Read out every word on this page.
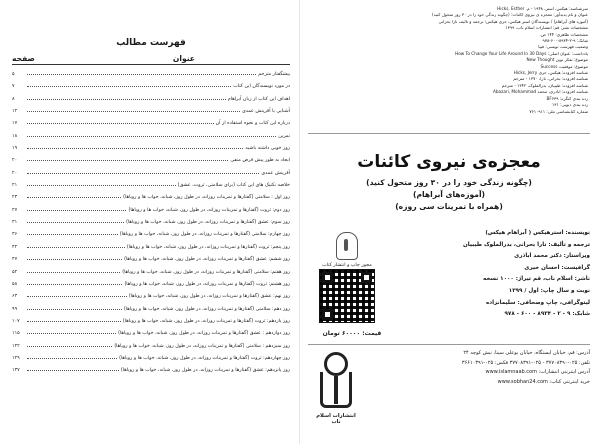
فهرست مطالب
عنوان
صفحه
پیشگفتار مترجم
۵
در مورد نویسندگان این کتاب
۷
اهداف این کتاب از زبان آبراهام
۸
آشنایی با آفرینش عمدی
۱۲
درباره این کتاب و نحوه استفاده از آن
۱۷
تمرین
۱۸
روز خوبی داشته باشید
۱۹
ایجاد به طور پیش فرض منفی
۲۰
آفرینش عمدی
۲۰
خلاصه تکنیک های این کتاب (برای سلامتی، ثروت، عشق)
۲۱
روز اول : سلامتی (گفتارها و تمرینات روزانه، در طول روز، شبانه، خواب ها و رویاها)
۲۳
روز دوم: ثروت (گفتارها و تمرینات روزانه، در طول روز، شبانه، خواب ها و رویاها)
۲۷
روز سوم: عشق (گفتارها و تمرینات روزانه، در طول روز، شبانه، خواب ها و رویاها)
۳۱
روز چهارم: سلامتی (گفتارها و تمرینات روزانه، در طول روز، شبانه، خواب ها و رویاها)
۳۶
روز پنجم: ثروت (گفتارها و تمرینات روزانه، در طول روز، شبانه، خواب ها و رویاها)
۴۲
روز ششم: عشق (گفتارها و تمرینات روزانه، در طول روز، شبانه، خواب ها و رویاها)
۴۷
روز هفتم: سلامتی (گفتارها و تمرینات روزانه، در طول روز، شبانه، خواب ها و رویاها)
۵۲
روز هشتم: ثروت (گفتارها و تمرینات روزانه، در طول روز، شبانه، خواب ها و رویاها)
۵۸
روز نهم: عشق (گفتارها و تمرینات روزانه، در طول روز، شبانه، خواب ها و رویاها)
۶۳
روز دهم: سلامتی (گفتارها و تمرینات روزانه، در طول روز، شبانه، خواب ها و رویاها)
۹۹
روز یازدهم: ثروت (گفتارها و تمرینات روزانه، در طول روز، شبانه، خواب ها و رویاها)
۱۰۷
روز دوازدهم : عشق (گفتارها و تمرینات روزانه، در طول روز، شبانه، خواب ها و رویاها)
۱۱۵
روز سیزدهم : سلامتی (گفتارها و تمرینات روزانه، در طول روز، شبانه، خواب ها و رویاها)
۱۲۲
روز چهاردهم: ثروت (گفتارها و تمرینات روزانه، در طول روز، شبانه، خواب ها و رویاها)
۱۲۹
روز پانزدهم: عشق (گفتارها و تمرینات روزانه، در طول روز، شبانه، خواب ها و رویاها)
۱۳۷
سرشناسه: هیکس، استر، ۱۹۴۸ - م. Hicks, Esther
عنوان و نام پدیدآور: معجزه ی نیروی کائنات: (چگونه زندگی خود را در ۳۰ روز متحول کنید)
(آموزه های آبراهام) / نویسندگان استر هیکس، جری هیکس؛ ترجمه و تالیف تارا بحرانی
مشخصات نشر: قم: انتشارات اسلام ناب، ۱۳۹۹
مشخصات ظاهری: ۱۴۴ ص.
شابک: ۹-۲-۸۹۳۴-۶۰۰-۹۷۸
وضعیت فهرست نویسی: فیپا
یادداشت: عنوان اصلی: How To Change Your Life Around In 30 Days
موضوع: تفکر نوین New Thought
موضوع: موفقیت Success
شناسه افزوده: هیکس، جری Hicks, Jerry
شناسه افزوده: بحرانی، تارا، ۱۳۷۰ - مترجم
شناسه افزوده: طیبیان، بدرالملوک، ۱۳۴۲ - مترجم
شناسه افزوده: ابادزی، محمد Abazari, Mohammad
رده بندی کنگره: BF۶۳۹
رده بندی دیویی: ۱۳۱
شماره کتابشناسی ملی: ۷۶۱۰۹۱۱
معجزه‌ی نیروی کائنات
(چگونه زندگی خود را در ۳۰ روز متحول کنید)
(آموزه‌های آبراهام)
(همراه با تمرینات سی روزه)
نویسنده: استرهیکس ( آبراهام هیکس)
ترجمه و تألیف: تارا بحرانی، بدرالملوک طیبیان
ویراستار: دکتر محمد اباذری
گرافیست: احسان خیری
ناشر: اسلام ناب، قم تیراژ: ۱۰۰۰ نسخه
نوبت و سال چاپ: اول / ۱۳۹۹
لیتوگرافی، چاپ وصحافی: سلیمانزاده
شابک: ۹ - ۲ - ۸۹۳۴ - ۶۰۰ - ۹۷۸
مجوز چاپ و انتشار کتاب
قیمت: ۶۰۰۰۰ تومان
آدرس: قم، خیابان ایستگاه، خیابان بوعلی سینا، نبش کوچه ۲۴
تلفن: ۰۲۵-۳۷۷۰۸۳۹۰ - ۰۲۵-۳۷۷۰۸۳۹۱ فکس: ۰۲۵-۳۶۶۱۰۳۹۱
آدرس اینترنتی انتشارات: www.islamnaab.com
خرید اینترنتی کتاب: www.sobhan24.com
انتشارات اسلام ناب
